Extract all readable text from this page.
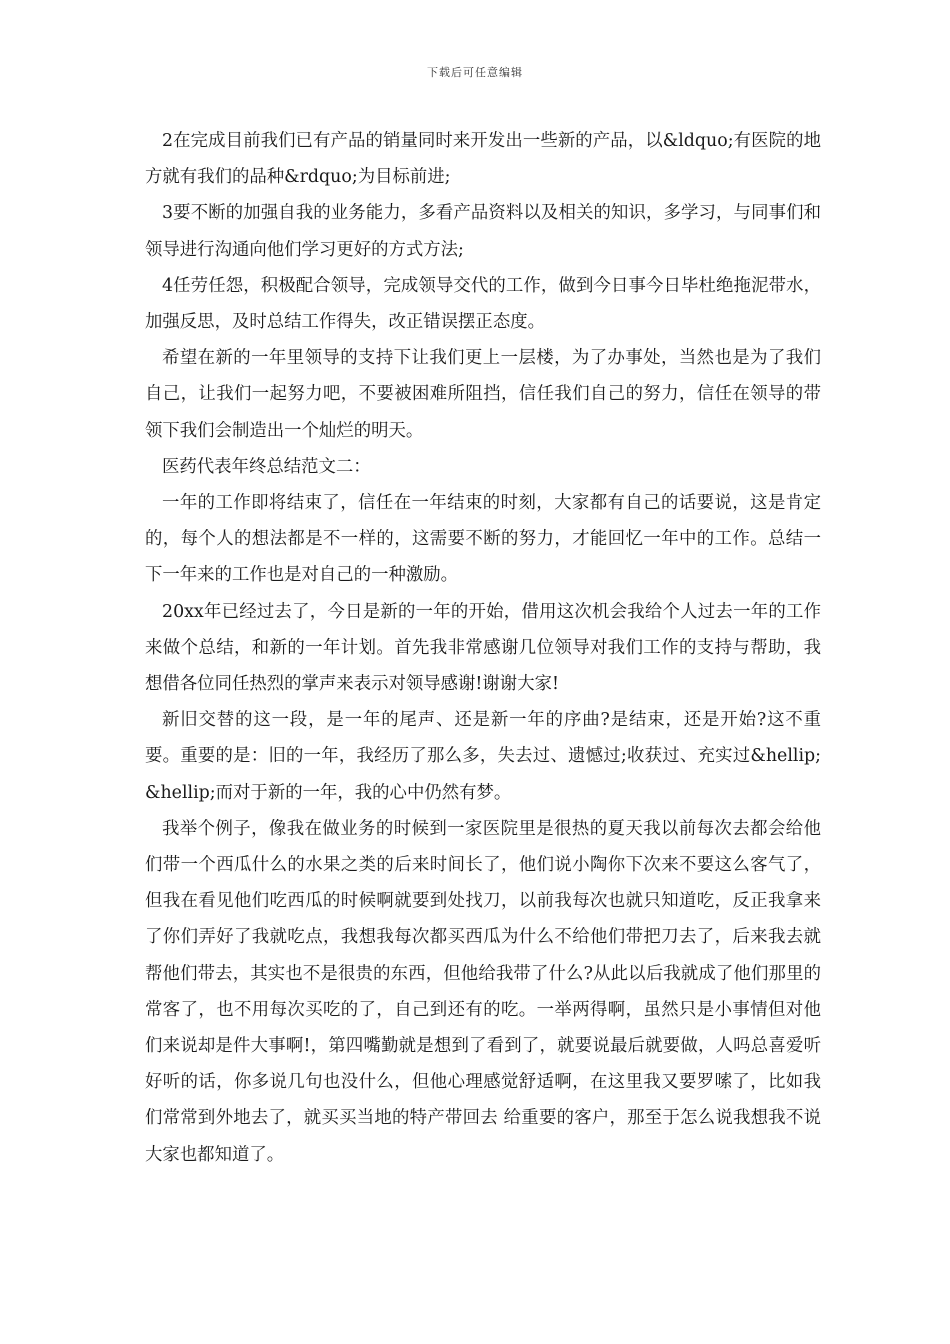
下载后可任意编辑

2在完成目前我们已有产品的销量同时来开发出一些新的产品，以&ldquo;有医院的地方就有我们的品种&rdquo;为目标前进;

3要不断的加强自我的业务能力，多看产品资料以及相关的知识，多学习，与同事们和领导进行沟通向他们学习更好的方式方法;

4任劳任怨，积极配合领导，完成领导交代的工作，做到今日事今日毕杜绝拖泥带水，加强反思，及时总结工作得失，改正错误摆正态度。

希望在新的一年里领导的支持下让我们更上一层楼，为了办事处，当然也是为了我们自己，让我们一起努力吧，不要被困难所阻挡，信任我们自己的努力，信任在领导的带领下我们会制造出一个灿烂的明天。

医药代表年终总结范文二：

一年的工作即将结束了，信任在一年结束的时刻，大家都有自己的话要说，这是肯定的，每个人的想法都是不一样的，这需要不断的努力，才能回忆一年中的工作。总结一下一年来的工作也是对自己的一种激励。

20xx年已经过去了，今日是新的一年的开始，借用这次机会我给个人过去一年的工作来做个总结，和新的一年计划。首先我非常感谢几位领导对我们工作的支持与帮助，我想借各位同任热烈的掌声来表示对领导感谢!谢谢大家!

新旧交替的这一段，是一年的尾声、还是新一年的序曲?是结束，还是开始?这不重要。重要的是：旧的一年，我经历了那么多，失去过、遗憾过;收获过、充实过&hellip;&hellip;而对于新的一年，我的心中仍然有梦。

我举个例子，像我在做业务的时候到一家医院里是很热的夏天我以前每次去都会给他们带一个西瓜什么的水果之类的后来时间长了，他们说小陶你下次来不要这么客气了，但我在看见他们吃西瓜的时候啊就要到处找刀，以前我每次也就只知道吃，反正我拿来了你们弄好了我就吃点，我想我每次都买西瓜为什么不给他们带把刀去了，后来我去就帮他们带去，其实也不是很贵的东西，但他给我带了什么?从此以后我就成了他们那里的常客了，也不用每次买吃的了，自己到还有的吃。一举两得啊，虽然只是小事情但对他们来说却是件大事啊!，第四嘴勤就是想到了看到了，就要说最后就要做，人吗总喜爱听好听的话，你多说几句也没什么，但他心理感觉舒适啊，在这里我又要罗嗦了，比如我们常常到外地去了，就买买当地的特产带回去 给重要的客户，那至于怎么说我想我不说大家也都知道了。
